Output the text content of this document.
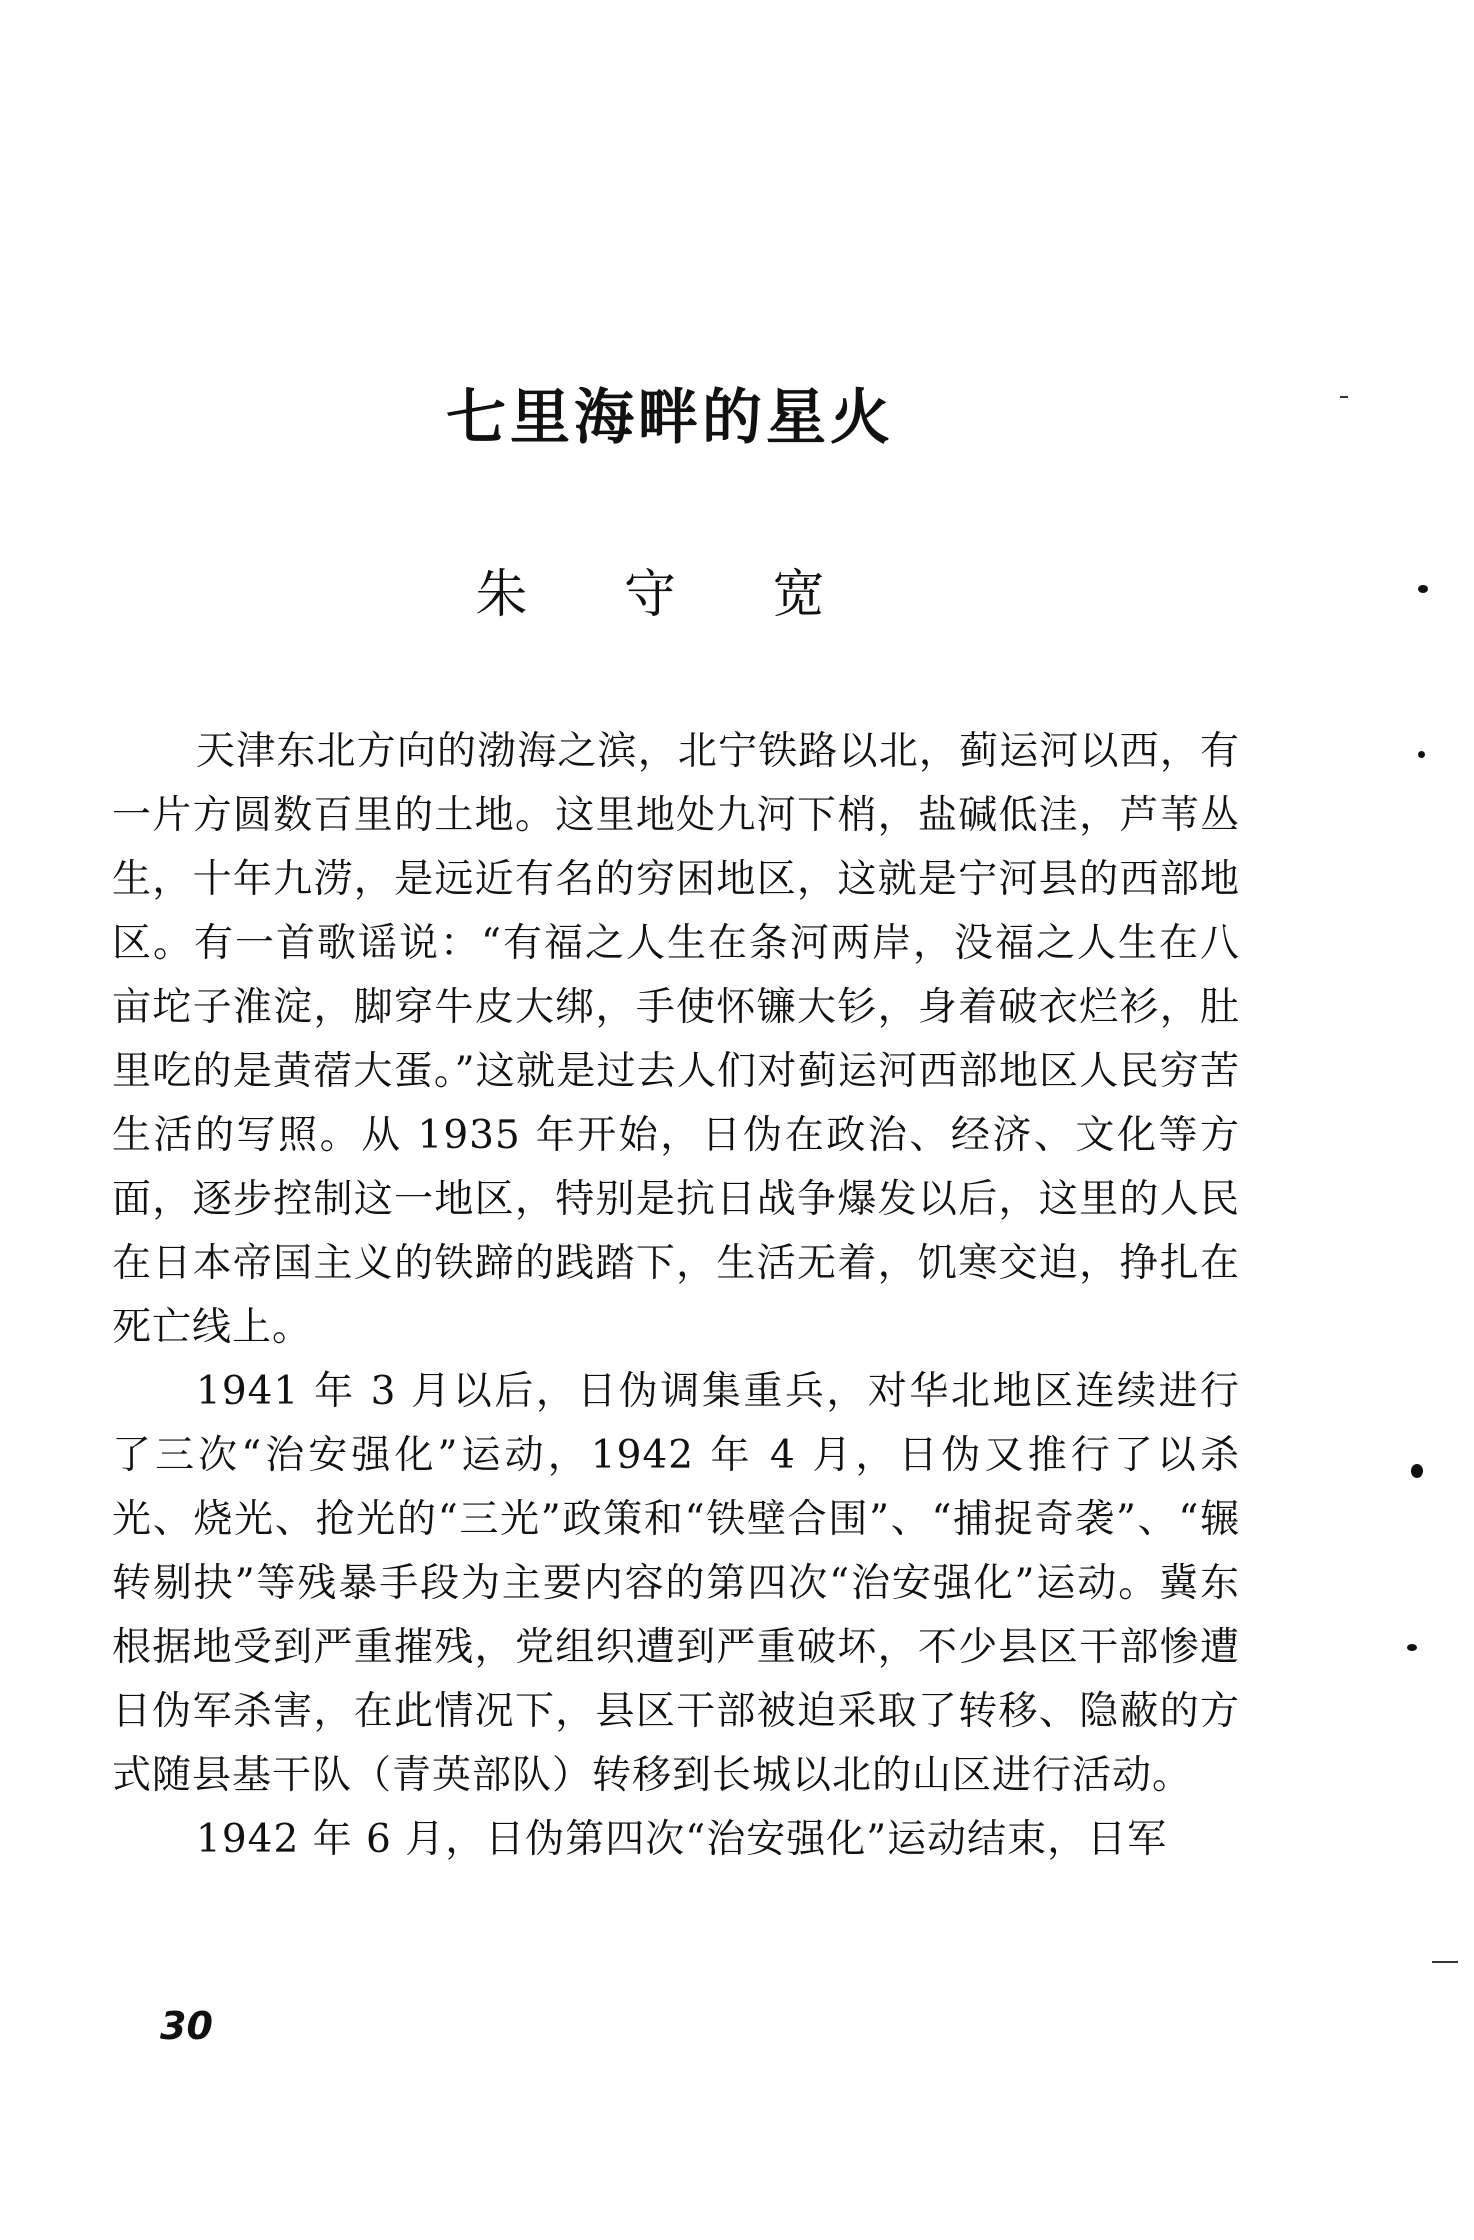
七里海畔的星火
朱 守 宽

天津东北方向的渤海之滨，北宁铁路以北，蓟运河以西，有一片方圆数百里的土地。这里地处九河下梢，盐碱低洼，芦苇丛生，十年九涝，是远近有名的穷困地区，这就是宁河县的西部地区。有一首歌谣说：“有福之人生在条河两岸，没福之人生在八亩坨子淮淀，脚穿牛皮大绑，手使怀镰大钐，身着破衣烂衫，肚里吃的是黄蓿大蛋。”这就是过去人们对蓟运河西部地区人民穷苦生活的写照。从 1935 年开始，日伪在政治、经济、文化等方面，逐步控制这一地区，特别是抗日战争爆发以后，这里的人民在日本帝国主义的铁蹄的践踏下，生活无着，饥寒交迫，挣扎在死亡线上。

1941 年 3 月以后，日伪调集重兵，对华北地区连续进行了三次“治安强化”运动，1942 年 4 月，日伪又推行了以杀光、烧光、抢光的“三光”政策和“铁壁合围”、“捕捉奇袭”、“辗转剔抉”等残暴手段为主要内容的第四次“治安强化”运动。冀东根据地受到严重摧残，党组织遭到严重破坏，不少县区干部惨遭日伪军杀害，在此情况下，县区干部被迫采取了转移、隐蔽的方式随县基干队（青英部队）转移到长城以北的山区进行活动。

1942 年 6 月，日伪第四次“治安强化”运动结束，日军

30
